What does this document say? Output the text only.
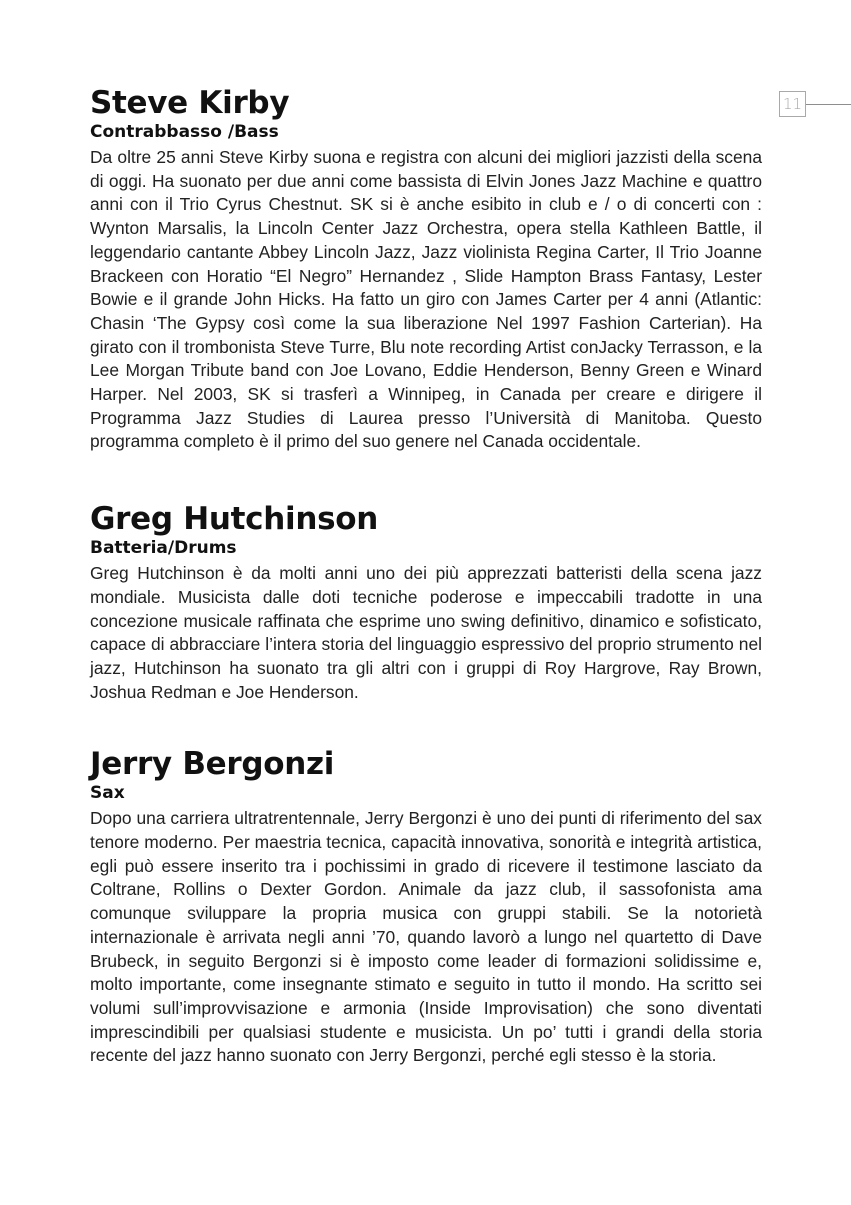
11
Steve Kirby
Contrabbasso /Bass

Da oltre 25 anni Steve Kirby suona e registra con alcuni dei migliori jazzisti della scena di oggi. Ha suonato per due anni come bassista di Elvin Jones Jazz Machine e quattro anni con il Trio Cyrus Chestnut. SK si è anche esibito in club e / o di concerti con : Wynton Marsalis, la Lincoln Center Jazz Orchestra, opera stella Kathleen Battle, il leggendario cantante Abbey Lincoln Jazz, Jazz violinista Regina Carter, Il Trio Joanne Brackeen con Horatio “El Negro” Hernandez , Slide Hampton Brass Fantasy, Lester Bowie e il grande John Hicks. Ha fatto un giro con James Carter per 4 anni (Atlantic: Chasin ‘The Gypsy così come la sua liberazione Nel 1997 Fashion Carterian). Ha girato con il trombonista Steve Turre, Blu note recording Artist conJacky Terrasson, e la Lee Morgan Tribute band con Joe Lovano, Eddie Henderson, Benny Green e Winard Harper. Nel 2003, SK si trasferì a Winnipeg, in Canada per creare e dirigere il Programma Jazz Studies di Laurea presso l’Università di Manitoba. Questo programma completo è il primo del suo genere nel Canada occidentale.

Greg Hutchinson
Batteria/Drums

Greg Hutchinson è da molti anni uno dei più apprezzati batteristi della scena jazz mondiale. Musicista dalle doti tecniche poderose e impeccabili tradotte in una concezione musicale raffinata che esprime uno swing definitivo, dinamico e sofisticato, capace di abbracciare l’intera storia del linguaggio espressivo del proprio strumento nel jazz, Hutchinson ha suonato tra gli altri con i gruppi di Roy Hargrove, Ray Brown, Joshua Redman e Joe Henderson.

Jerry Bergonzi
Sax

Dopo una carriera ultratrentennale, Jerry Bergonzi è uno dei punti di riferimento del sax tenore moderno. Per maestria tecnica, capacità innovativa, sonorità e integrità artistica, egli può essere inserito tra i pochissimi in grado di ricevere il testimone lasciato da Coltrane, Rollins o Dexter Gordon. Animale da jazz club, il sassofonista ama comunque sviluppare la propria musica con gruppi stabili. Se la notorietà internazionale è arrivata negli anni ’70, quando lavorò a lungo nel quartetto di Dave Brubeck, in seguito Bergonzi si è imposto come leader di formazioni solidissime e, molto importante, come insegnante stimato e seguito in tutto il mondo. Ha scritto sei volumi sull’improvvisazione e armonia (Inside Improvisation) che sono diventati imprescindibili per qualsiasi studente e musicista. Un po’ tutti i grandi della storia recente del jazz hanno suonato con Jerry Bergonzi, perché egli stesso è la storia.
